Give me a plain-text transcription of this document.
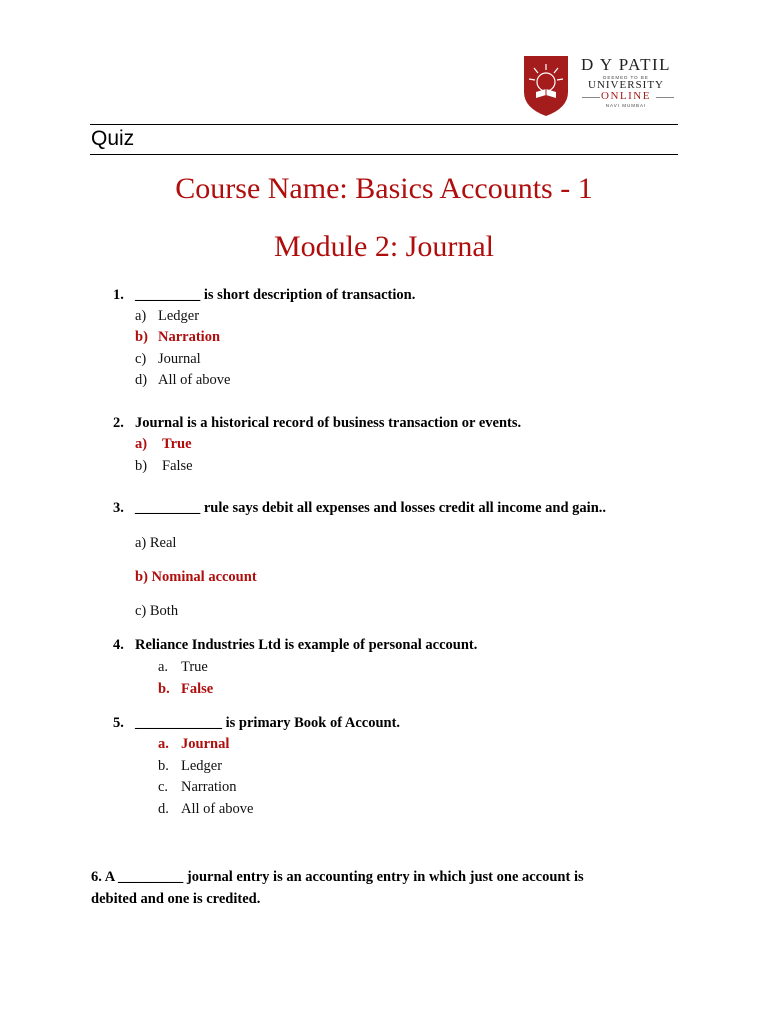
D Y PATIL
DEEMED TO BE
UNIVERSITY
ONLINE
NAVI MUMBAI
Quiz
Course Name: Basics Accounts - 1
Module 2: Journal
1. _________ is short description of transaction.
a) Ledger
b) Narration
c) Journal
d) All of above
2. Journal is a historical record of business transaction or events.
a) True
b) False
3. _________ rule says debit all expenses and losses credit all income and gain..
a) Real
b) Nominal account
c) Both
4. Reliance Industries Ltd is example of personal account.
a. True
b. False
5. ____________ is primary Book of Account.
a. Journal
b. Ledger
c. Narration
d. All of above
6. A _________ journal entry is an accounting entry in which just one account is
debited and one is credited.
